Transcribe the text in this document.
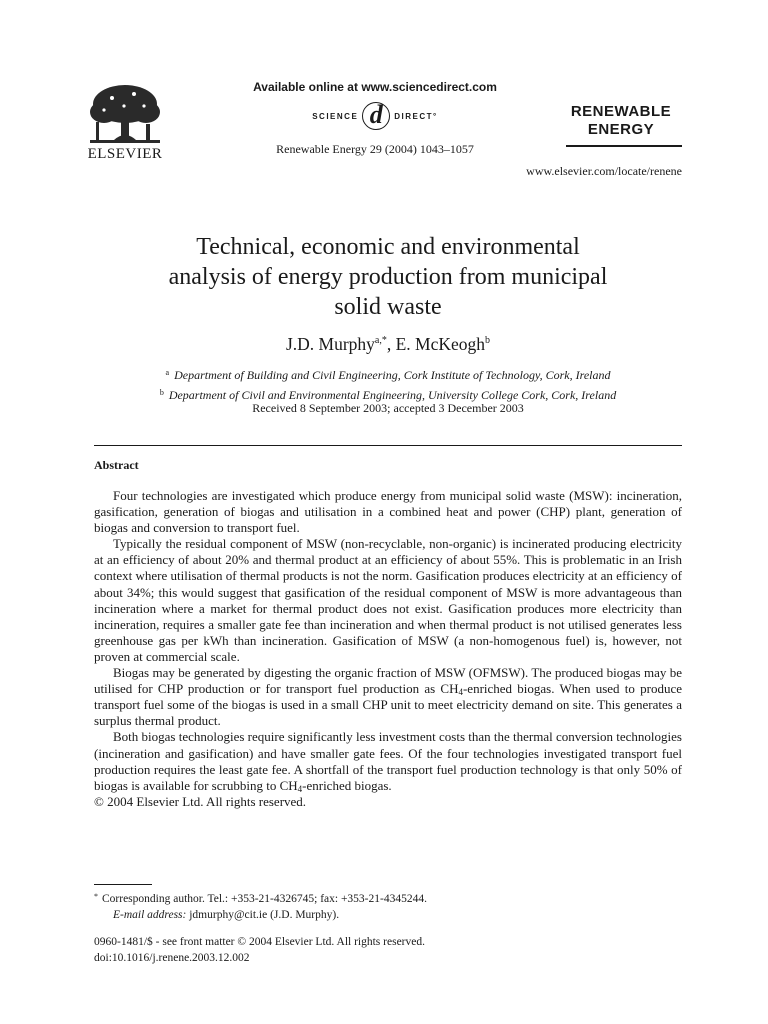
ELSEVIER
Available online at www.sciencedirect.com
SCIENCE d	DIRECT°
Renewable Energy 29 (2004) 1043–1057
RENEWABLE
ENERGY
www.elsevier.com/locate/renene
Technical, economic and environmental
analysis of energy production from municipal
solid waste
J.D. Murphy$^{a,*}$, E. McKeogh$^b$
$^a$ Department of Building and Civil Engineering, Cork Institute of Technology, Cork, Ireland
$^b$ Department of Civil and Environmental Engineering, University College Cork, Cork, Ireland
Received 8 September 2003; accepted 3 December 2003
Abstract

Four technologies are investigated which produce energy from municipal solid waste (MSW): incineration, gasification, generation of biogas and utilisation in a combined heat and power (CHP) plant, generation of biogas and conversion to transport fuel.

Typically the residual component of MSW (non-recyclable, non-organic) is incinerated producing electricity at an efficiency of about 20% and thermal product at an efficiency of about 55%. This is problematic in an Irish context where utilisation of thermal products is not the norm. Gasification produces electricity at an efficiency of about 34%; this would suggest that gasification of the residual component of MSW is more advantageous than incineration where a market for thermal product does not exist. Gasification produces more electricity than incineration, requires a smaller gate fee than incineration and when thermal product is not utilised generates less greenhouse gas per kWh than incineration. Gasification of MSW (a non-homogenous fuel) is, however, not proven at commercial scale.

Biogas may be generated by digesting the organic fraction of MSW (OFMSW). The produced biogas may be utilised for CHP production or for transport fuel production as $CH_4$-enriched biogas. When used to produce transport fuel some of the biogas is used in a small CHP unit to meet electricity demand on site. This generates a surplus thermal product.

Both biogas technologies require significantly less investment costs than the thermal conversion technologies (incineration and gasification) and have smaller gate fees. Of the four technologies investigated transport fuel production requires the least gate fee. A shortfall of the transport fuel production technology is that only 50% of biogas is available for scrubbing to $CH_4$-enriched biogas.

© 2004 Elsevier Ltd. All rights reserved.
* Corresponding author. Tel.: +353-21-4326745; fax: +353-21-4345244.
E-mail address: jdmurphy@cit.ie (J.D. Murphy).
0960-1481/$ - see front matter © 2004 Elsevier Ltd. All rights reserved.
doi:10.1016/j.renene.2003.12.002
